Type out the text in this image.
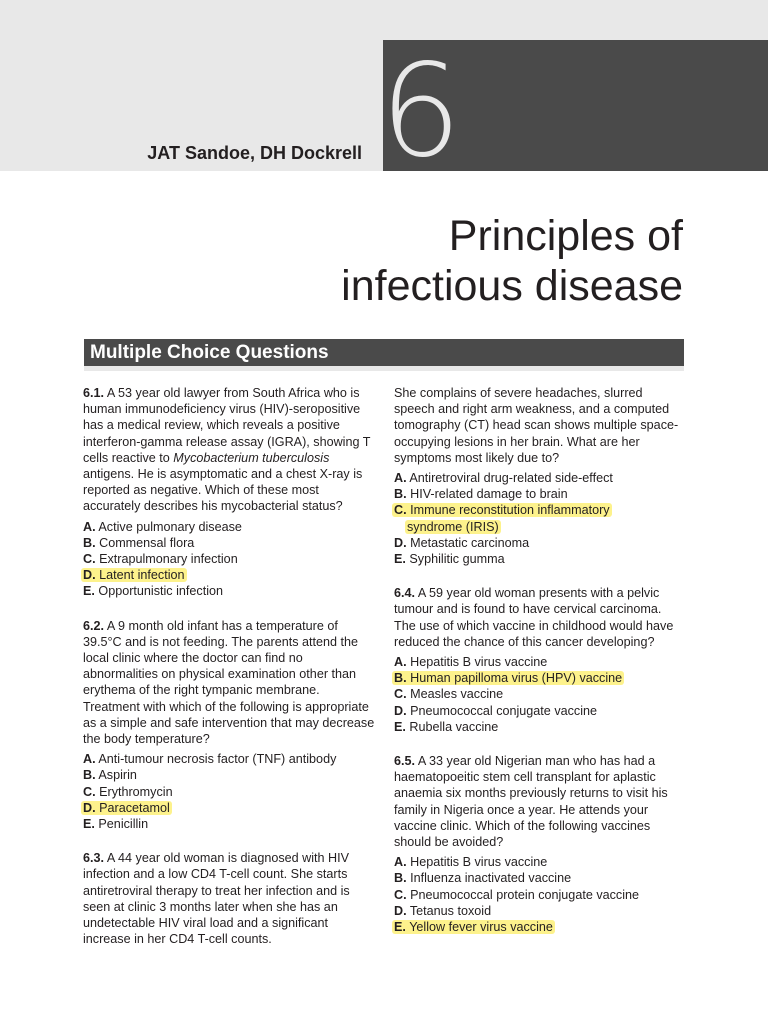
6
JAT Sandoe, DH Dockrell
Principles of
infectious disease
Multiple Choice Questions

6.1. A 53 year old lawyer from South Africa who is human immunodeficiency virus (HIV)-seropositive has a medical review, which reveals a positive interferon-gamma release assay (IGRA), showing T cells reactive to Mycobacterium tuberculosis antigens. He is asymptomatic and a chest X-ray is reported as negative. Which of these most accurately describes his mycobacterial status?

A. Active pulmonary disease
B. Commensal flora
C. Extrapulmonary infection
D. Latent infection
E. Opportunistic infection

6.2. A 9 month old infant has a temperature of 39.5°C and is not feeding. The parents attend the local clinic where the doctor can find no abnormalities on physical examination other than erythema of the right tympanic membrane. Treatment with which of the following is appropriate as a simple and safe intervention that may decrease the body temperature?

A. Anti-tumour necrosis factor (TNF) antibody
B. Aspirin
C. Erythromycin
D. Paracetamol
E. Penicillin

6.3. A 44 year old woman is diagnosed with HIV infection and a low CD4 T-cell count. She starts antiretroviral therapy to treat her infection and is seen at clinic 3 months later when she has an undetectable HIV viral load and a significant increase in her CD4 T-cell counts.

She complains of severe headaches, slurred speech and right arm weakness, and a computed tomography (CT) head scan shows multiple space-occupying lesions in her brain. What are her symptoms most likely due to?

A. Antiretroviral drug-related side-effect
B. HIV-related damage to brain
C. Immune reconstitution inflammatory
syndrome (IRIS)
D. Metastatic carcinoma
E. Syphilitic gumma

6.4. A 59 year old woman presents with a pelvic tumour and is found to have cervical carcinoma. The use of which vaccine in childhood would have reduced the chance of this cancer developing?

A. Hepatitis B virus vaccine
B. Human papilloma virus (HPV) vaccine
C. Measles vaccine
D. Pneumococcal conjugate vaccine
E. Rubella vaccine

6.5. A 33 year old Nigerian man who has had a haematopoeitic stem cell transplant for aplastic anaemia six months previously returns to visit his family in Nigeria once a year. He attends your vaccine clinic. Which of the following vaccines should be avoided?

A. Hepatitis B virus vaccine
B. Influenza inactivated vaccine
C. Pneumococcal protein conjugate vaccine
D. Tetanus toxoid
E. Yellow fever virus vaccine
